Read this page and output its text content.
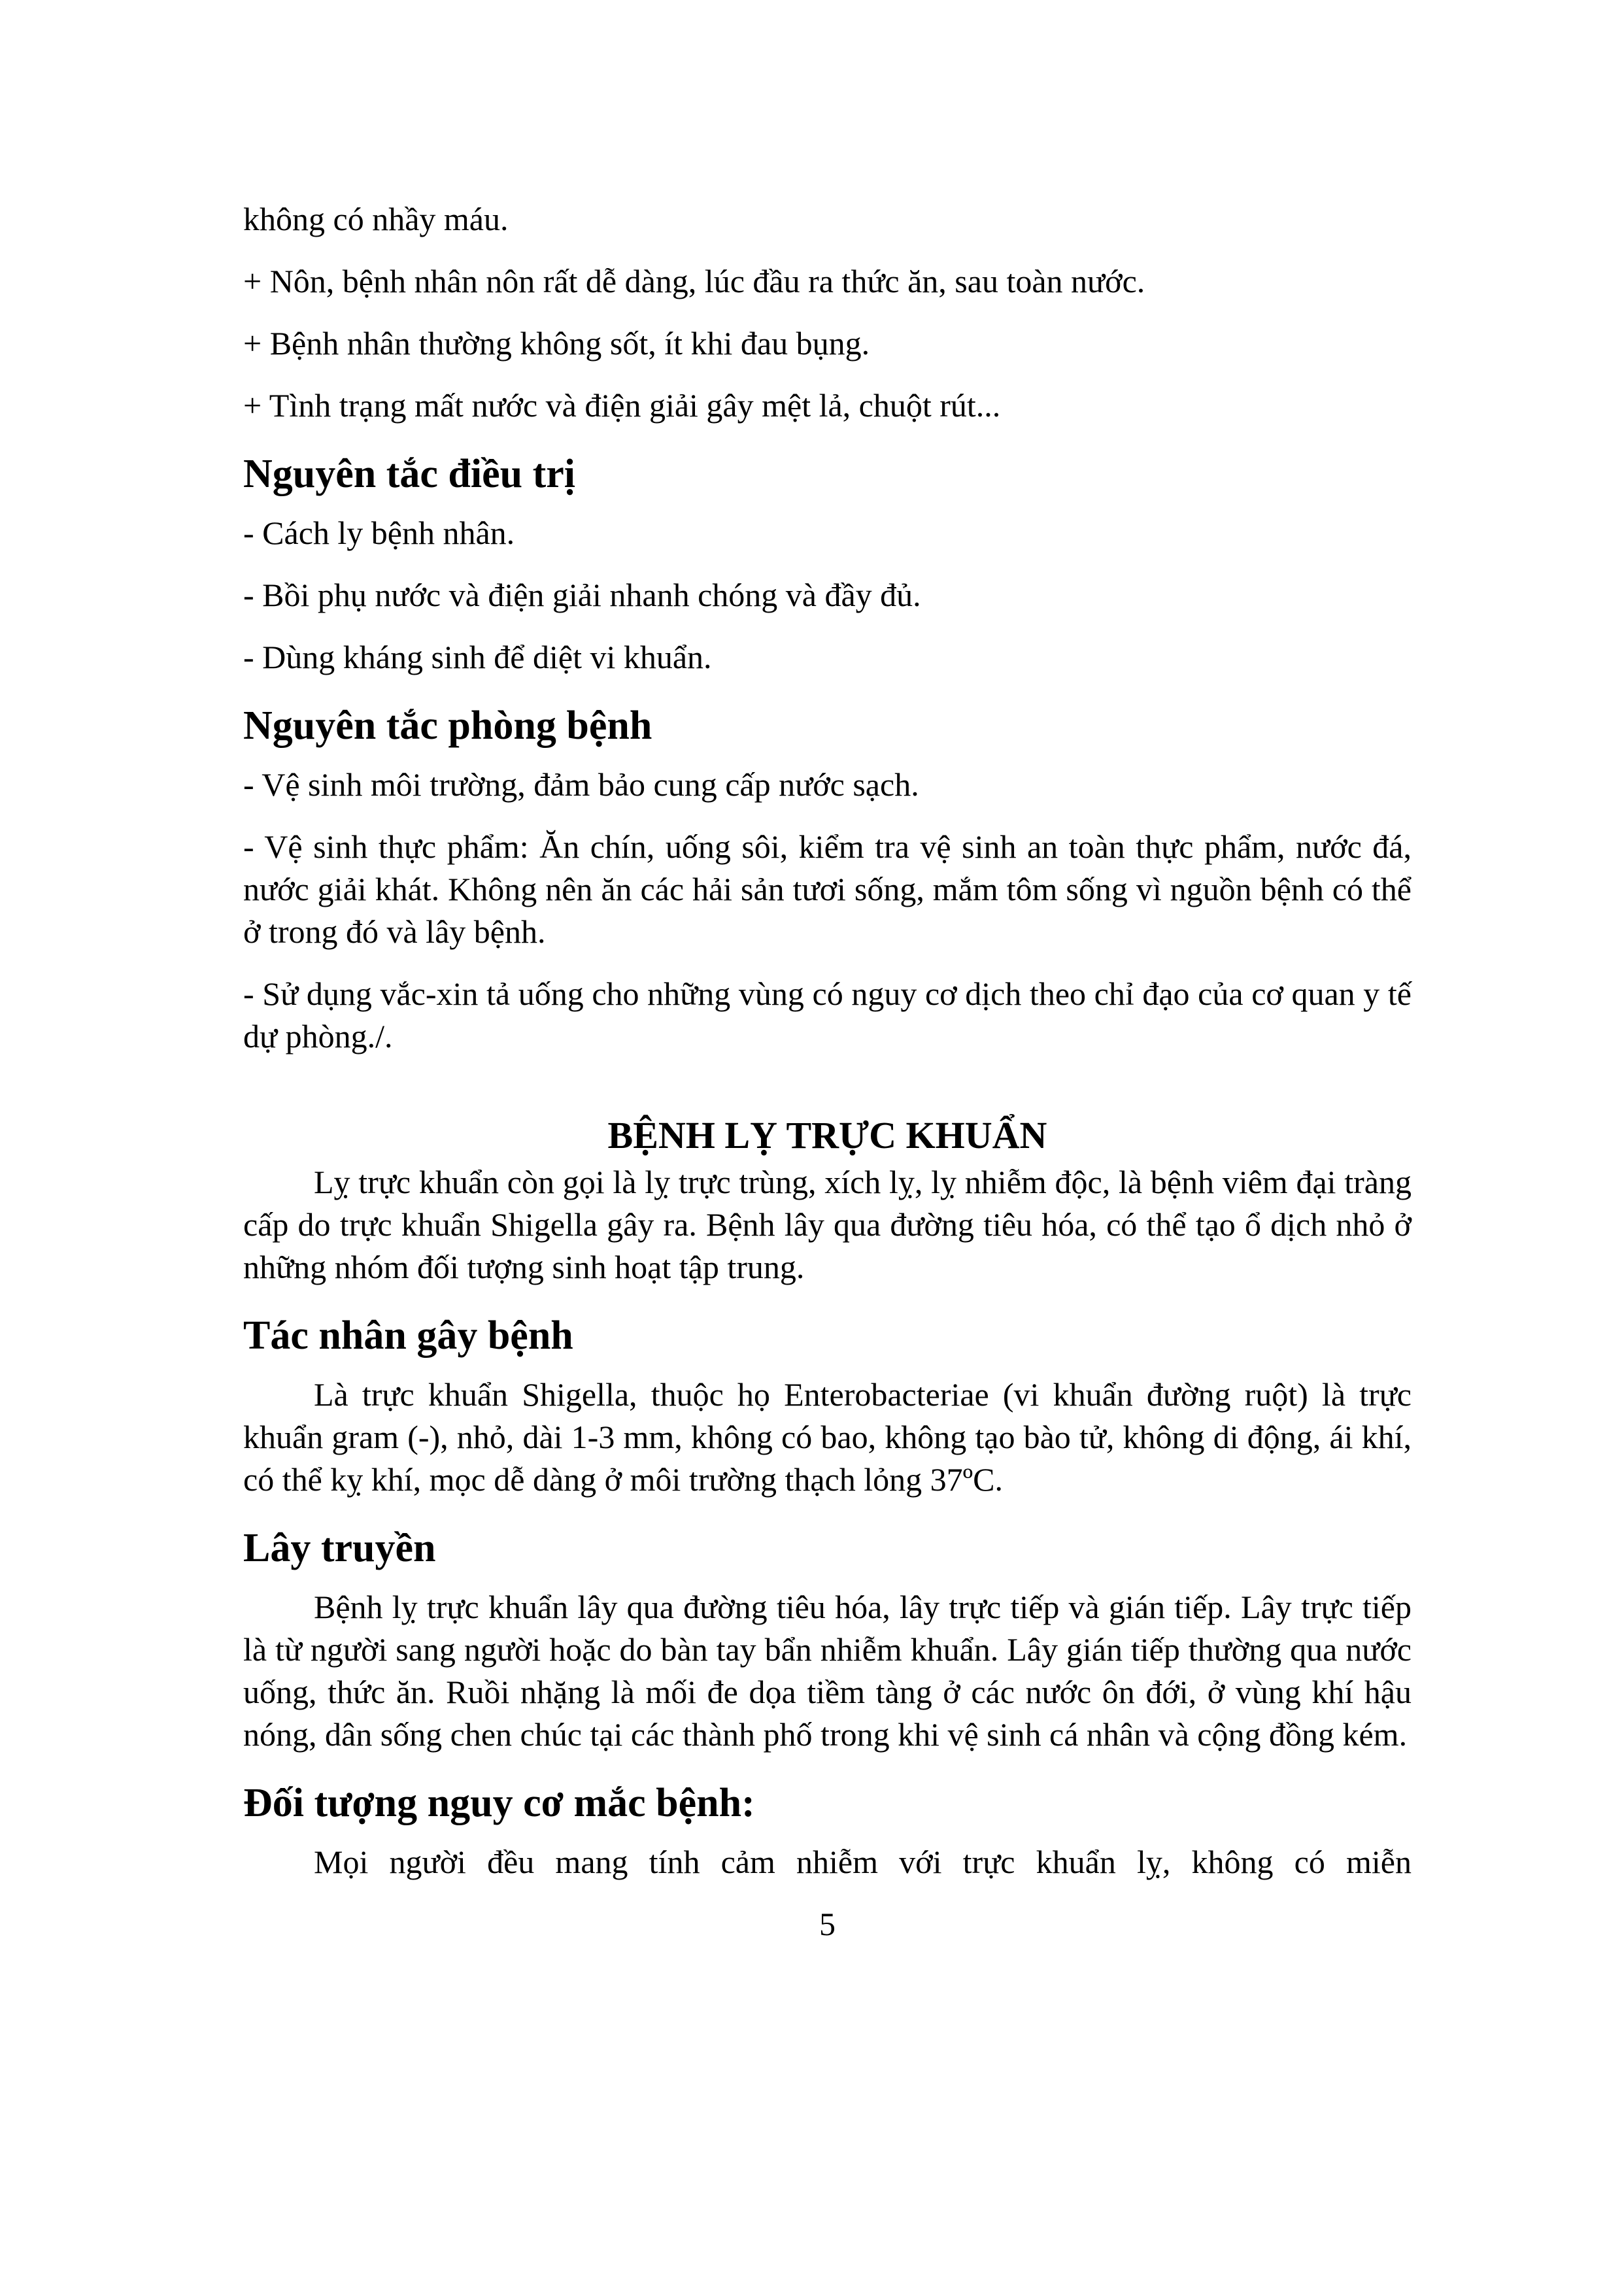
không có nhầy máu.

+ Nôn, bệnh nhân nôn rất dễ dàng, lúc đầu ra thức ăn, sau toàn nước.

+ Bệnh nhân thường không sốt, ít khi đau bụng.

+ Tình trạng mất nước và điện giải gây mệt lả, chuột rút...

Nguyên tắc điều trị

- Cách ly bệnh nhân.

- Bồi phụ nước và điện giải nhanh chóng và đầy đủ.

- Dùng kháng sinh để diệt vi khuẩn.

Nguyên tắc phòng bệnh

- Vệ sinh môi trường, đảm bảo cung cấp nước sạch.

- Vệ sinh thực phẩm: Ăn chín, uống sôi, kiểm tra vệ sinh an toàn thực phẩm, nước đá, nước giải khát. Không nên ăn các hải sản tươi sống, mắm tôm sống vì nguồn bệnh có thể ở trong đó và lây bệnh.

- Sử dụng vắc-xin tả uống cho những vùng có nguy cơ dịch theo chỉ đạo của cơ quan y tế dự phòng./.

BỆNH LỴ TRỰC KHUẨN

Lỵ trực khuẩn còn gọi là lỵ trực trùng, xích lỵ, lỵ nhiễm độc, là bệnh viêm đại tràng cấp do trực khuẩn Shigella gây ra. Bệnh lây qua đường tiêu hóa, có thể tạo ổ dịch nhỏ ở những nhóm đối tượng sinh hoạt tập trung.

Tác nhân gây bệnh

Là trực khuẩn Shigella, thuộc họ Enterobacteriae (vi khuẩn đường ruột) là trực khuẩn gram (-), nhỏ, dài 1-3 mm, không có bao, không tạo bào tử, không di động, ái khí, có thể kỵ khí, mọc dễ dàng ở môi trường thạch lỏng 37ºC.

Lây truyền

Bệnh lỵ trực khuẩn lây qua đường tiêu hóa, lây trực tiếp và gián tiếp. Lây trực tiếp là từ người sang người hoặc do bàn tay bẩn nhiễm khuẩn. Lây gián tiếp thường qua nước uống, thức ăn. Ruồi nhặng là mối đe dọa tiềm tàng ở các nước ôn đới, ở vùng khí hậu nóng, dân sống chen chúc tại các thành phố trong khi vệ sinh cá nhân và cộng đồng kém.

Đối tượng nguy cơ mắc bệnh:

Mọi người đều mang tính cảm nhiễm với trực khuẩn lỵ, không có miễn

5
